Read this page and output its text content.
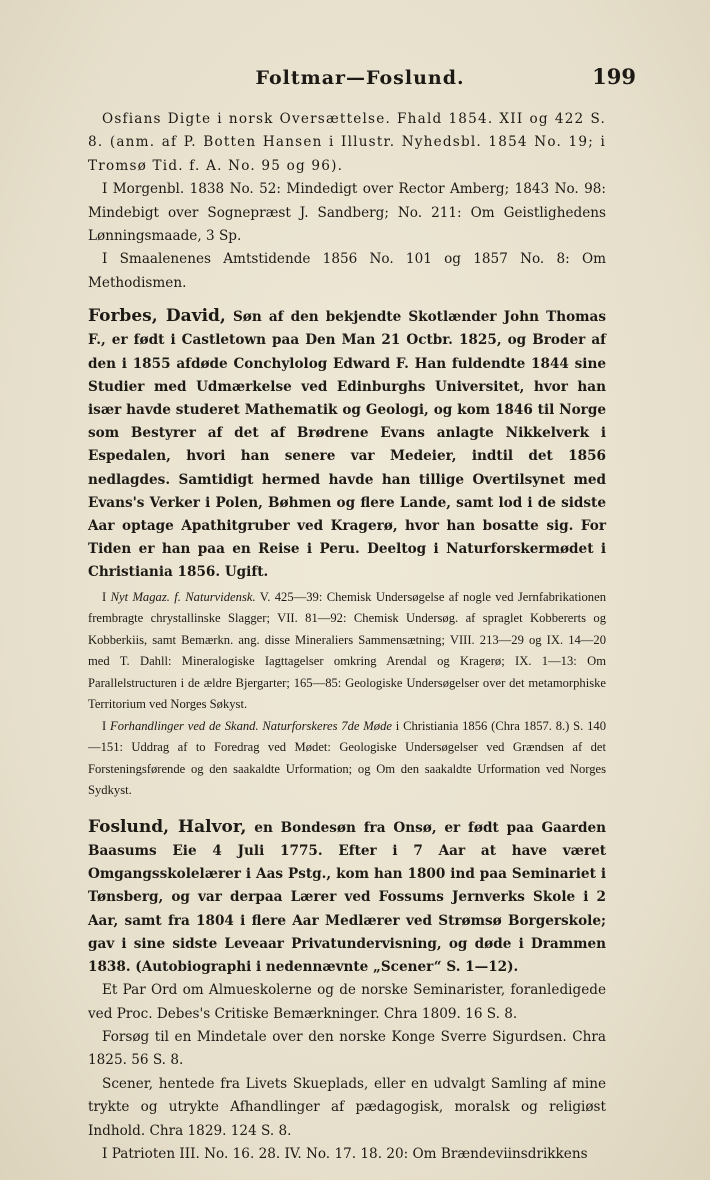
Foltmar—Foslund.	199

Osfians Digte i norsk Oversættelse. Fhald 1854. XII og 422 S. 8. (anm. af P. Botten Hansen i Illustr. Nyhedsbl. 1854 No. 19; i Tromsø Tid. f. A. No. 95 og 96).

I Morgenbl. 1838 No. 52: Mindedigt over Rector Amberg; 1843 No. 98: Mindebigt over Sognepræst J. Sandberg; No. 211: Om Geistlighedens Lønningsmaade, 3 Sp.

I Smaalenenes Amtstidende 1856 No. 101 og 1857 No. 8: Om Methodismen.

Forbes, David, Søn af den bekjendte Skotlænder John Thomas F., er født i Castletown paa Den Man 21 Octbr. 1825, og Broder af den i 1855 afdøde Conchylolog Edward F. Han fuldendte 1844 sine Studier med Udmærkelse ved Edinburghs Universitet, hvor han især havde studeret Mathematik og Geologi, og kom 1846 til Norge som Bestyrer af det af Brødrene Evans anlagte Nikkelverk i Espedalen, hvori han senere var Medeier, indtil det 1856 nedlagdes. Samtidigt hermed havde han tillige Overtilsynet med Evans's Verker i Polen, Bøhmen og flere Lande, samt lod i de sidste Aar optage Apathitgruber ved Kragerø, hvor han bosatte sig. For Tiden er han paa en Reise i Peru. Deeltog i Naturforskermødet i Christiania 1856. Ugift.

I Nyt Magaz. f. Naturvidensk. V. 425—39: Chemisk Undersøgelse af nogle ved Jernfabrikationen frembragte chrystallinske Slagger; VII. 81—92: Chemisk Undersøg. af spraglet Kobbererts og Kobberkiis, samt Bemærkn. ang. disse Mineraliers Sammensætning; VIII. 213—29 og IX. 14—20 med T. Dahll: Mineralogiske Iagttagelser omkring Arendal og Kragerø; IX. 1—13: Om Parallelstructuren i de ældre Bjergarter; 165—85: Geologiske Undersøgelser over det metamorphiske Territorium ved Norges Søkyst.

I Forhandlinger ved de Skand. Naturforskeres 7de Møde i Christiania 1856 (Chra 1857. 8.) S. 140—151: Uddrag af to Foredrag ved Mødet: Geologiske Undersøgelser ved Grændsen af det Forsteningsførende og den saakaldte Urformation; og Om den saakaldte Urformation ved Norges Sydkyst.

Foslund, Halvor, en Bondesøn fra Onsø, er født paa Gaarden Baasums Eie 4 Juli 1775. Efter i 7 Aar at have været Omgangsskolelærer i Aas Pstg., kom han 1800 ind paa Seminariet i Tønsberg, og var derpaa Lærer ved Fossums Jernverks Skole i 2 Aar, samt fra 1804 i flere Aar Medlærer ved Strømsø Borgerskole; gav i sine sidste Leveaar Privatundervisning, og døde i Drammen 1838. (Autobiographi i nedennævnte „Scener“ S. 1—12).

Et Par Ord om Almueskolerne og de norske Seminarister, foranledigede ved Proc. Debes's Critiske Bemærkninger. Chra 1809. 16 S. 8.

Forsøg til en Mindetale over den norske Konge Sverre Sigurdsen. Chra 1825. 56 S. 8.

Scener, hentede fra Livets Skueplads, eller en udvalgt Samling af mine trykte og utrykte Afhandlinger af pædagogisk, moralsk og religiøst Indhold. Chra 1829. 124 S. 8.

I Patrioten III. No. 16. 28. IV. No. 17. 18. 20: Om Brændeviinsdrikkens
